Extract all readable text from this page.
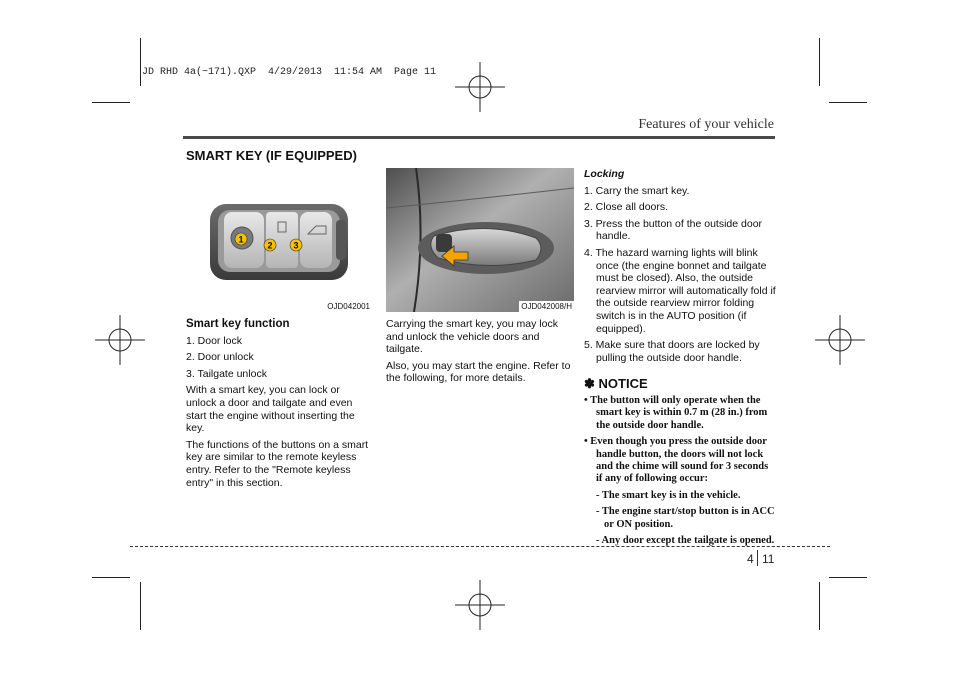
JD RHD 4a(~171).QXP  4/29/2013  11:54 AM  Page 11
Features of your vehicle
SMART KEY (IF EQUIPPED)
1
2 3
OJD042001	OJD042008/H

Smart key function

1. Door lock

2. Door unlock

3. Tailgate unlock

With a smart key, you can lock or unlock a door and tailgate and even start the engine without inserting the key.

The functions of the buttons on a smart key are similar to the remote keyless entry. Refer to the "Remote keyless entry" in this section.

Carrying the smart key, you may lock and unlock the vehicle doors and tailgate.

Also, you may start the engine. Refer to the following, for more details.

Locking

1. Carry the smart key.

2. Close all doors.

3. Press the button of the outside door handle.

4. The hazard warning lights will blink once (the engine bonnet and tailgate must be closed). Also, the outside rearview mirror will automatically fold if the outside rearview mirror folding switch is in the AUTO position (if equipped).

5. Make sure that doors are locked by pulling the outside door handle.

✽ NOTICE

• The button will only operate when the smart key is within 0.7 m (28 in.) from the outside door handle.

• Even though you press the outside door handle button, the doors will not lock and the chime will sound for 3 seconds if any of following occur:

- The smart key is in the vehicle.

- The engine start/stop button is in ACC or ON position.

- Any door except the tailgate is opened.

4 11
